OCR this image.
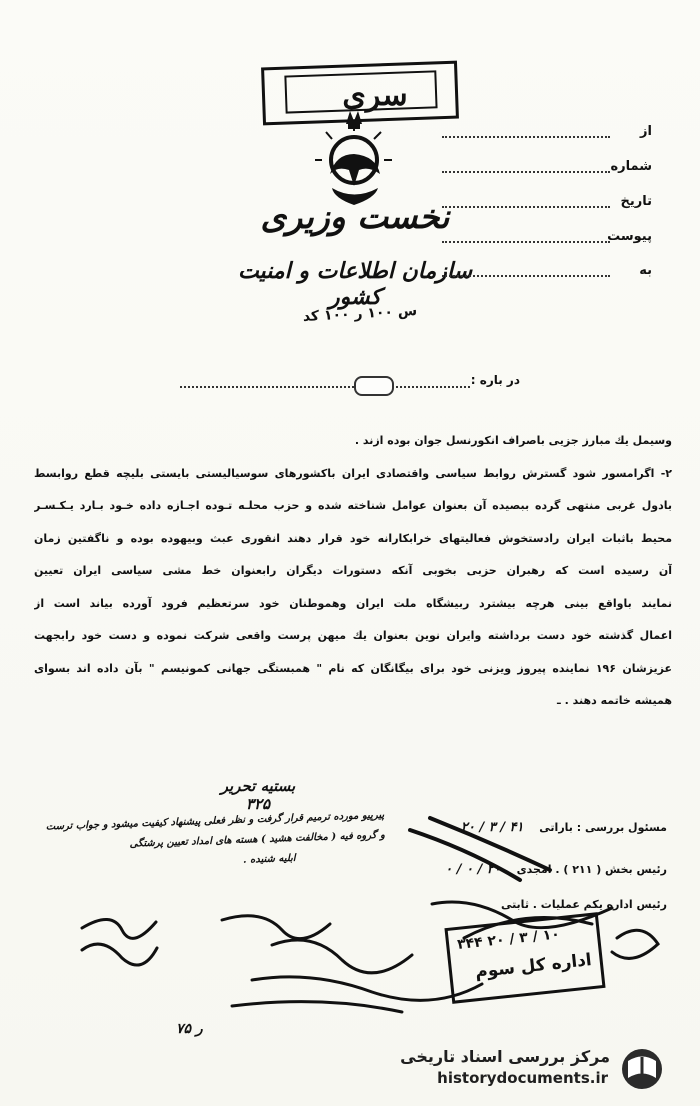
سری
نخست وزیری
سازمان اطلاعات و امنیت کشور
س ۱۰۰ ر ۱۰۰ کد
از
شماره
تاریخ
پیوست
به
در باره :
وسیمل یك مبارز جزیی باصراف انکورنسل جوان بوده ازند .
۲- اگرامسور شود گسترش روابط سیاسی واقتصادی ایران باکشورهای سوسیالیستی بایستی بلیچه قطع روابسط
بادول غربی منتهی گرده ببصیده آن بعنوان عوامل شناخته شده و حزب محلـه تـوده اجـازه داده خـود بـارد یـکـسـر
محیط باثبات ایران رادستخوش فعالیتهای خرابکارانه خود قرار دهند انقوری عبث وبیهوده بوده و ناگفتین زمان
آن رسیده است که رهبران حزبی بخوبی آنکه دستورات دیگران رابعنوان خط مشی سیاسی ایران تعیین
نمایند باواقع بینی هرچه بیشترد ربیشگاه ملت ایران وهموطنان خود سرتعظیم فرود آورده بیاند است از
اعمال گذشته خود دست برداشته وایران نوین بعنوان یك میهن پرست واقعی شرکت نموده و دست خود رابجهت
عزیزشان ۱۹۶ نماینده پیروز ویزنی خود برای بیگانگان که نام " همبستگی جهانی کمونیسم " بآن داده اند بسوای
همیشه خاتمه دهند . ـ
بستیه تحریر ۳۲۵
پیرپیو مورده ترمیم قرار گرفت و نظر فعلی پیشنهاد کیفیت میشود و جواب ترست
و گروه فیه ( مخالفت هشید ) هسته های امداد تعیین پرشتگی
ابلیه شنیده .
مسئول بررسی : باراتی ۴۱ / ۳ / ۲۰
رئیس بخش ( ۲۱۱ ) . امجدی ۲۰ / ۰ / ۰
رئیس اداره یکم عملیات . ثابتی
۳۴۴ ۲۰ / ۳ / ۱۰
اداره کل سوم
۷۵ ر
مرکز بررسی اسناد تاریخی
historydocuments.ir
